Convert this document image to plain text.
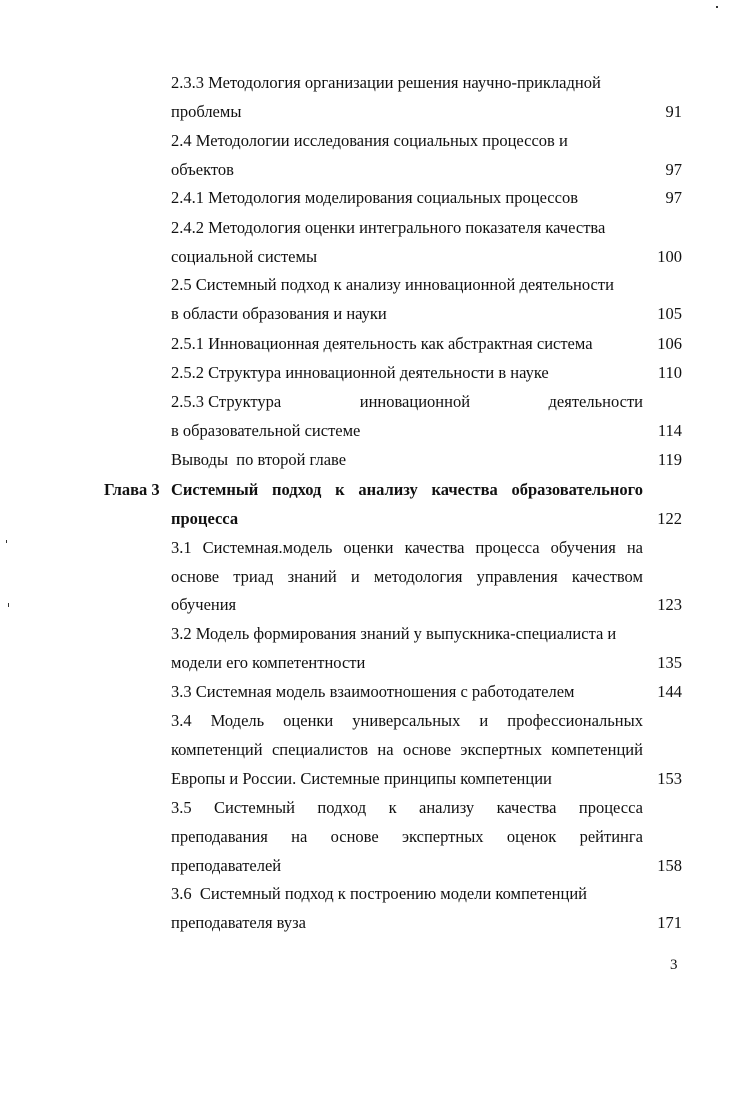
2.3.3 Методология организации решения научно-прикладной
проблемы	91
2.4 Методологии исследования социальных процессов и
объектов	97
2.4.1 Методология моделирования социальных процессов	97
2.4.2 Методология оценки интегрального показателя качества
социальной системы	100
2.5 Системный подход к анализу инновационной деятельности
в области образования и науки	105
2.5.1 Инновационная деятельность как абстрактная система	106
2.5.2 Структура инновационной деятельности в науке	110
2.5.3 Структура	инновационной	деятельности
в образовательной системе	114
Выводы  по второй главе	119
Глава 3 Системный подход к анализу качества образовательного
процесса	122
3.1 Системная.модель оценки качества процесса обучения на
основе триад знаний и методология управления качеством
обучения	123
3.2 Модель формирования знаний у выпускника-специалиста и
модели его компетентности	135
3.3 Системная модель взаимоотношения с работодателем	144
3.4 Модель оценки универсальных и профессиональных
компетенций специалистов на основе экспертных компетенций
Европы и России. Системные принципы компетенции	153
3.5 Системный подход к анализу качества процесса
преподавания на основе экспертных оценок рейтинга
преподавателей	158
3.6  Системный подход к построению модели компетенций
преподавателя вуза	171
3
